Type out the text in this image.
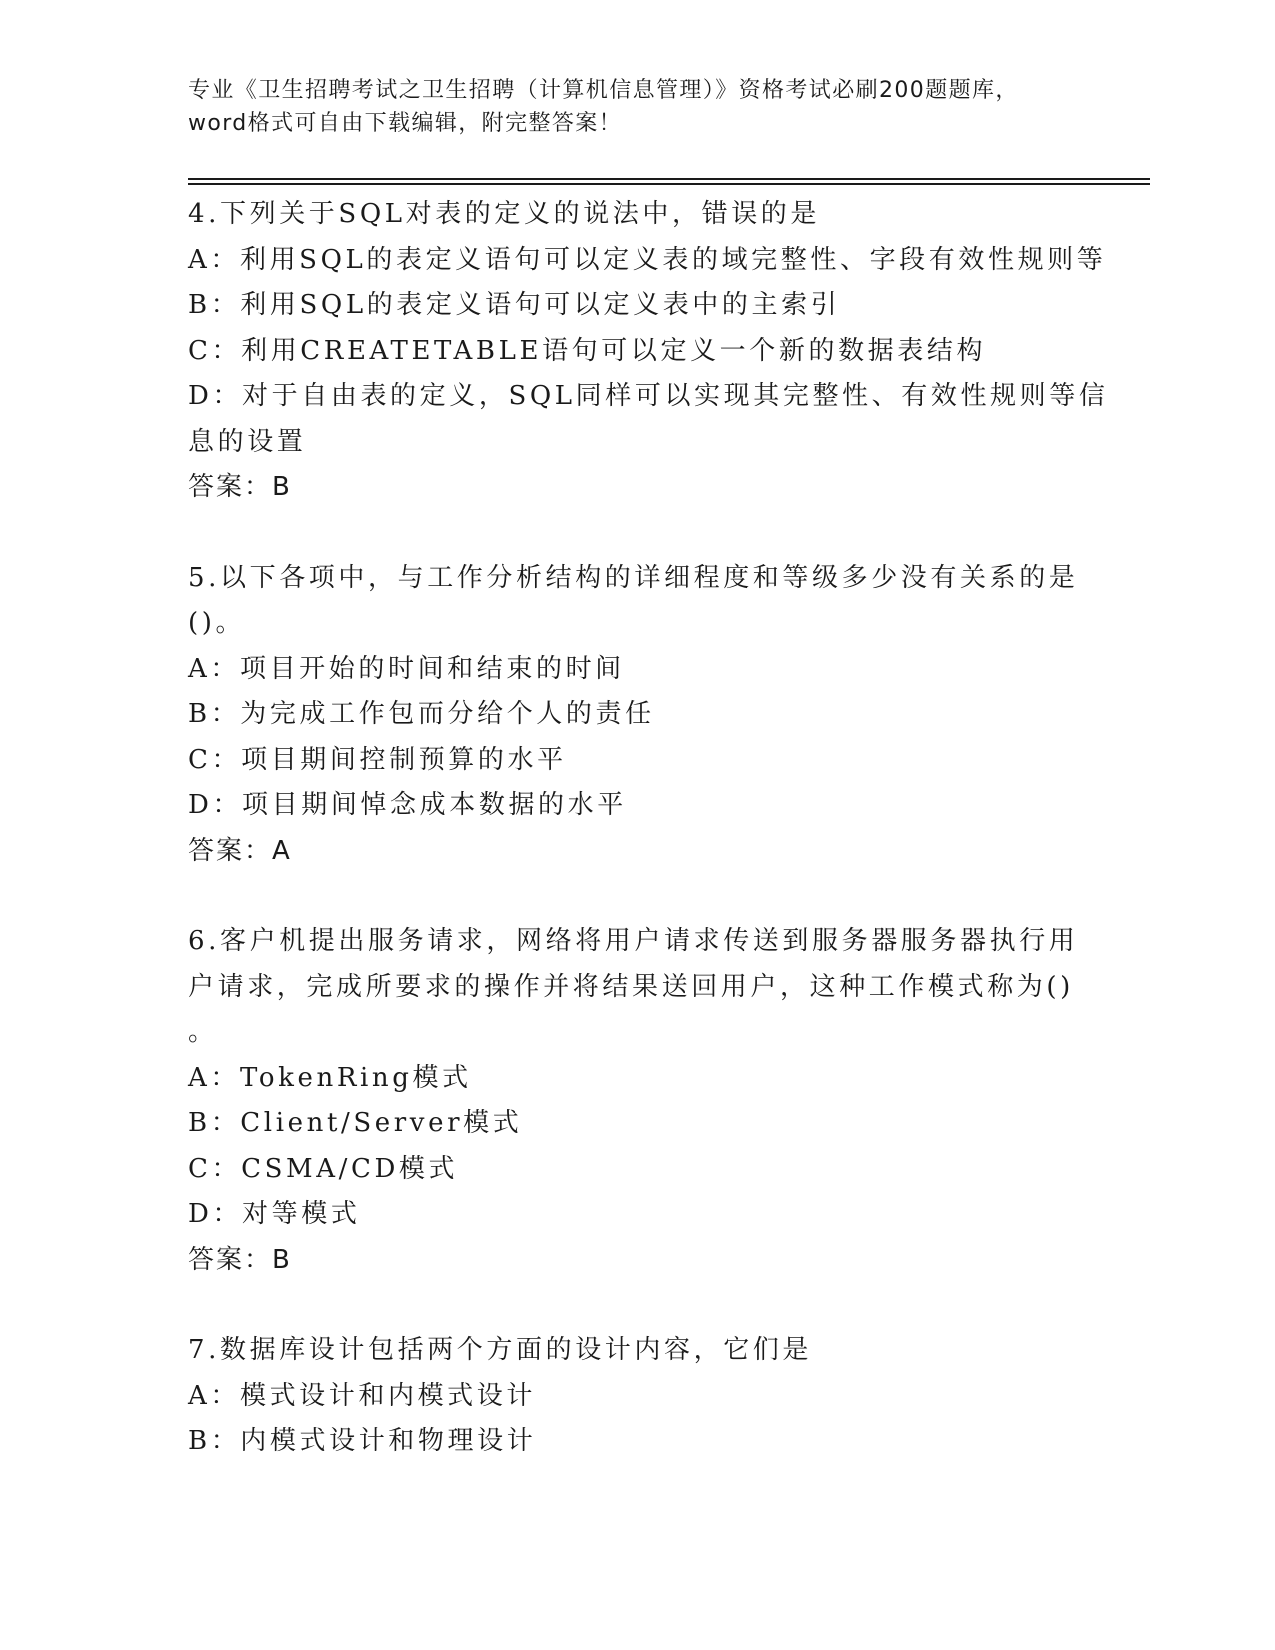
专业《卫生招聘考试之卫生招聘（计算机信息管理）》资格考试必刷200题题库，
word格式可自由下载编辑，附完整答案！
4.下列关于SQL对表的定义的说法中，错误的是
A：利用SQL的表定义语句可以定义表的域完整性、字段有效性规则等
B：利用SQL的表定义语句可以定义表中的主索引
C：利用CREATETABLE语句可以定义一个新的数据表结构
D：对于自由表的定义，SQL同样可以实现其完整性、有效性规则等信
息的设置
答案：B
5.以下各项中，与工作分析结构的详细程度和等级多少没有关系的是
()。
A：项目开始的时间和结束的时间
B：为完成工作包而分给个人的责任
C：项目期间控制预算的水平
D：项目期间悼念成本数据的水平
答案：A
6.客户机提出服务请求，网络将用户请求传送到服务器服务器执行用
户请求，完成所要求的操作并将结果送回用户，这种工作模式称为()
。
A：TokenRing模式
B：Client/Server模式
C：CSMA/CD模式
D：对等模式
答案：B
7.数据库设计包括两个方面的设计内容，它们是
A：模式设计和内模式设计
B：内模式设计和物理设计
